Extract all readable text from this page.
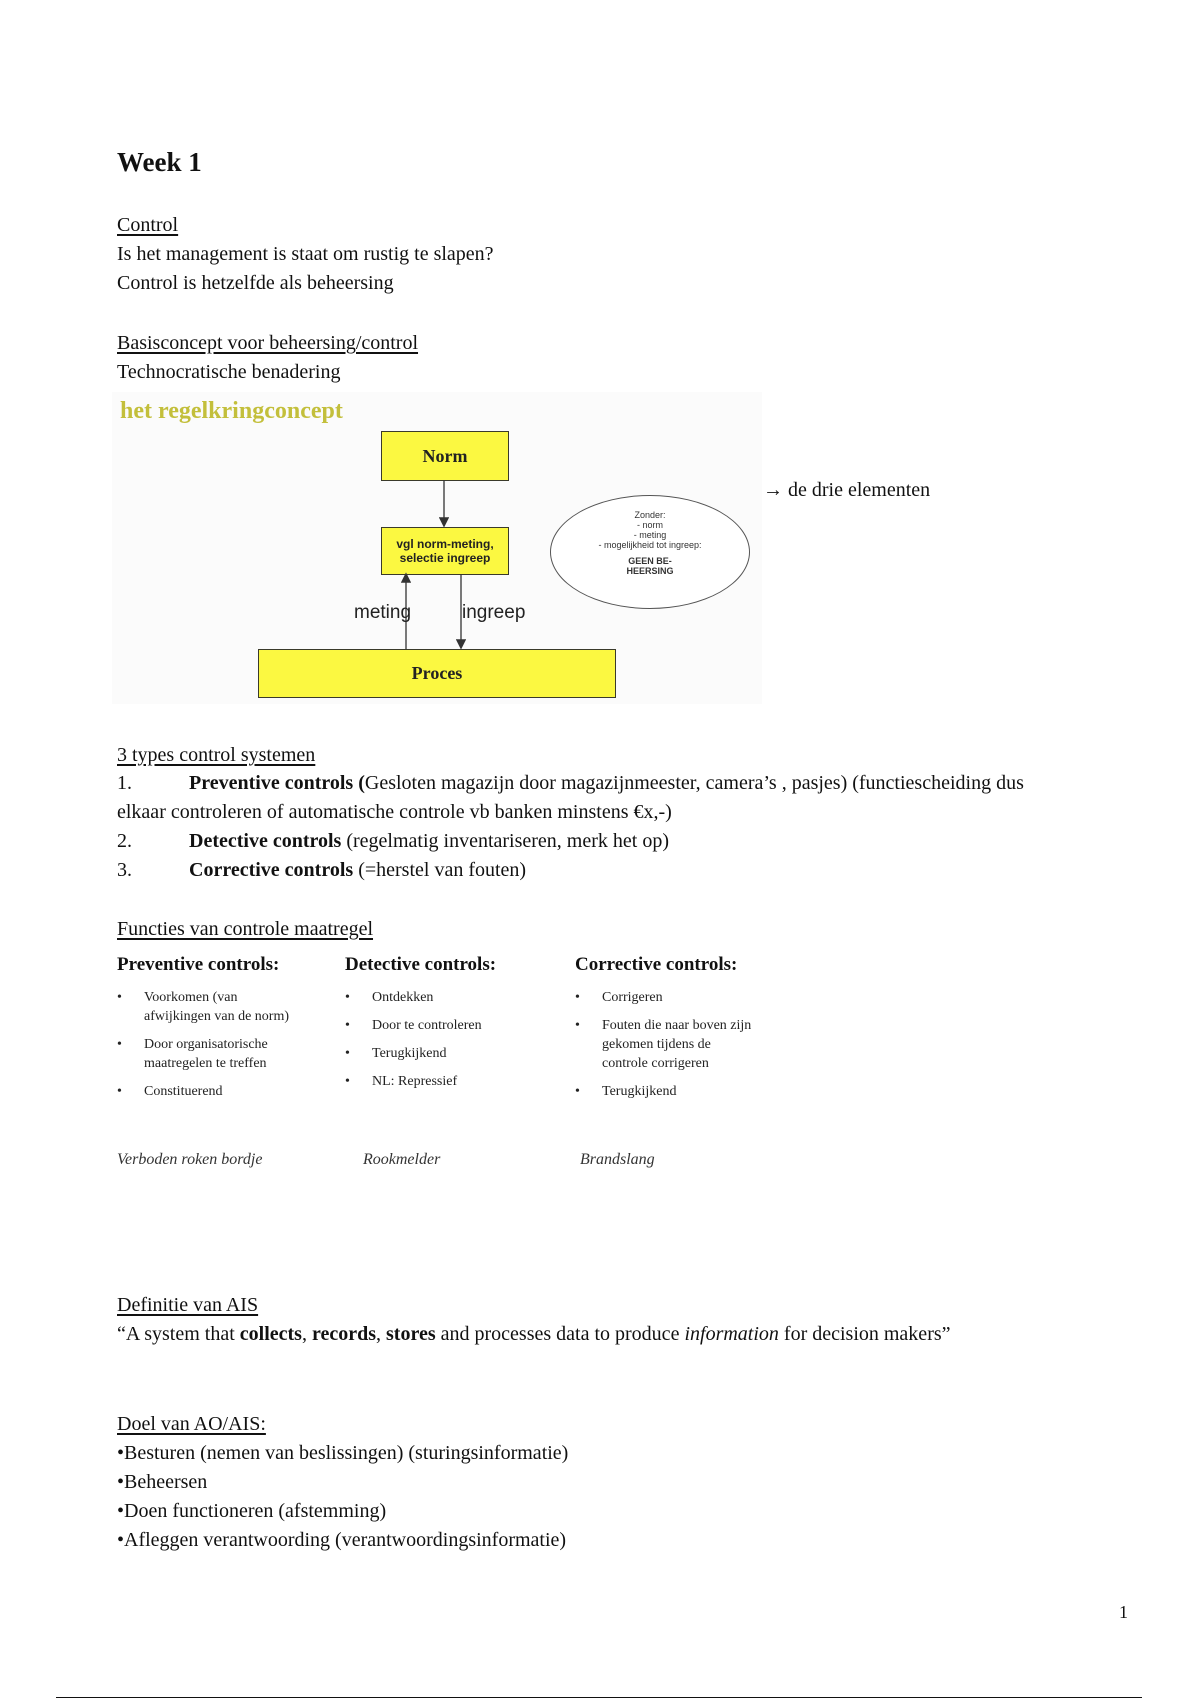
Week 1
Control
Is het management is staat om rustig te slapen?
Control is hetzelfde als beheersing
Basisconcept voor beheersing/control
Technocratische benadering
het regelkringconcept
Norm
vgl norm-meting,
selectie ingreep
meting	ingreep
Proces
Zonder:
- norm
- meting
- mogelijkheid tot ingreep:
GEEN BE-
HEERSING
→ de drie elementen
3 types control systemen
1.	Preventive controls (Gesloten magazijn door magazijnmeester, camera’s , pasjes) (functiescheiding dus
elkaar controleren of automatische controle vb banken minstens €x,-)
2.	Detective controls (regelmatig inventariseren, merk het op)
3.	Corrective controls (=herstel van fouten)
Functies van controle maatregel
Preventive controls:
• Voorkomen (van afwijkingen van de norm)
• Door organisatorische maatregelen te treffen
• Constituerend
Detective controls:
• Ontdekken
• Door te controleren
• Terugkijkend
• NL: Repressief
Corrective controls:
• Corrigeren
• Fouten die naar boven zijn gekomen tijdens de controle corrigeren
• Terugkijkend
Verboden roken bordje	Rookmelder	Brandslang
Definitie van AIS
“A system that collects, records, stores and processes data to produce information for decision makers”
Doel van AO/AIS:
•Besturen (nemen van beslissingen) (sturingsinformatie)
•Beheersen
•Doen functioneren (afstemming)
•Afleggen verantwoording (verantwoordingsinformatie)
1
